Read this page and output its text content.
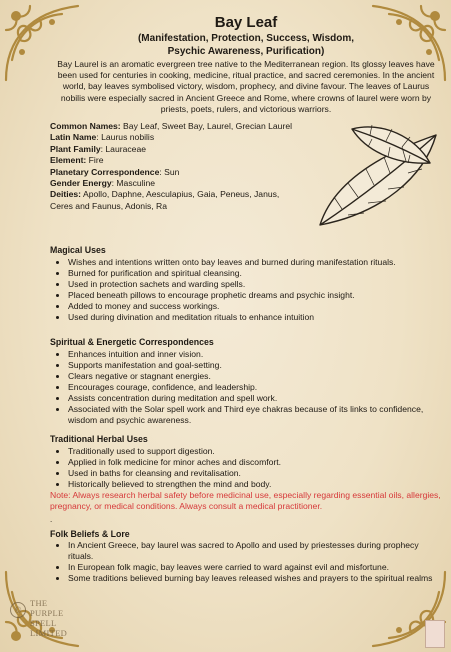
Bay Leaf
(Manifestation, Protection, Success, Wisdom,
Psychic Awareness, Purification)
Bay Laurel is an aromatic evergreen tree native to the Mediterranean region. Its glossy leaves have been used for centuries in cooking, medicine, ritual practice, and sacred ceremonies. In the ancient world, bay leaves symbolised victory, wisdom, prophecy, and divine favour. The leaves of Laurus nobilis were especially sacred in Ancient Greece and Rome, where crowns of laurel were worn by priests, poets, rulers, and victorious warriors.
Common Names: Bay Leaf, Sweet Bay, Laurel, Grecian Laurel
Latin Name: Laurus nobilis
Plant Family: Lauraceae
Element: Fire
Planetary Correspondence: Sun
Gender Energy: Masculine
Deities: Apollo, Daphne, Aesculapius, Gaia, Peneus, Janus, Ceres and Faunus, Adonis, Ra
Magical Uses
• Wishes and intentions written onto bay leaves and burned during manifestation rituals.
• Burned for purification and spiritual cleansing.
• Used in protection sachets and warding spells.
• Placed beneath pillows to encourage prophetic dreams and psychic insight.
• Added to money and success workings.
• Used during divination and meditation rituals to enhance intuition
Spiritual & Energetic Correspondences
• Enhances intuition and inner vision.
• Supports manifestation and goal-setting.
• Clears negative or stagnant energies.
• Encourages courage, confidence, and leadership.
• Assists concentration during meditation and spell work.
• Associated with the Solar spell work and Third eye chakras because of its links to confidence, wisdom and psychic awareness.
Traditional Herbal Uses
• Traditionally used to support digestion.
• Applied in folk medicine for minor aches and discomfort.
• Used in baths for cleansing and revitalisation.
• Historically believed to strengthen the mind and body.
Note: Always research herbal safety before medicinal use, especially regarding essential oils, allergies, pregnancy, or medical conditions. Always consult a medical practitioner.
.
Folk Beliefs & Lore
• In Ancient Greece, bay laurel was sacred to Apollo and used by priestesses during prophecy rituals.
• In European folk magic, bay leaves were carried to ward against evil and misfortune.
• Some traditions believed burning bay leaves released wishes and prayers to the spiritual realms
©
THE
PURPLE
SPELL
LIMITED
